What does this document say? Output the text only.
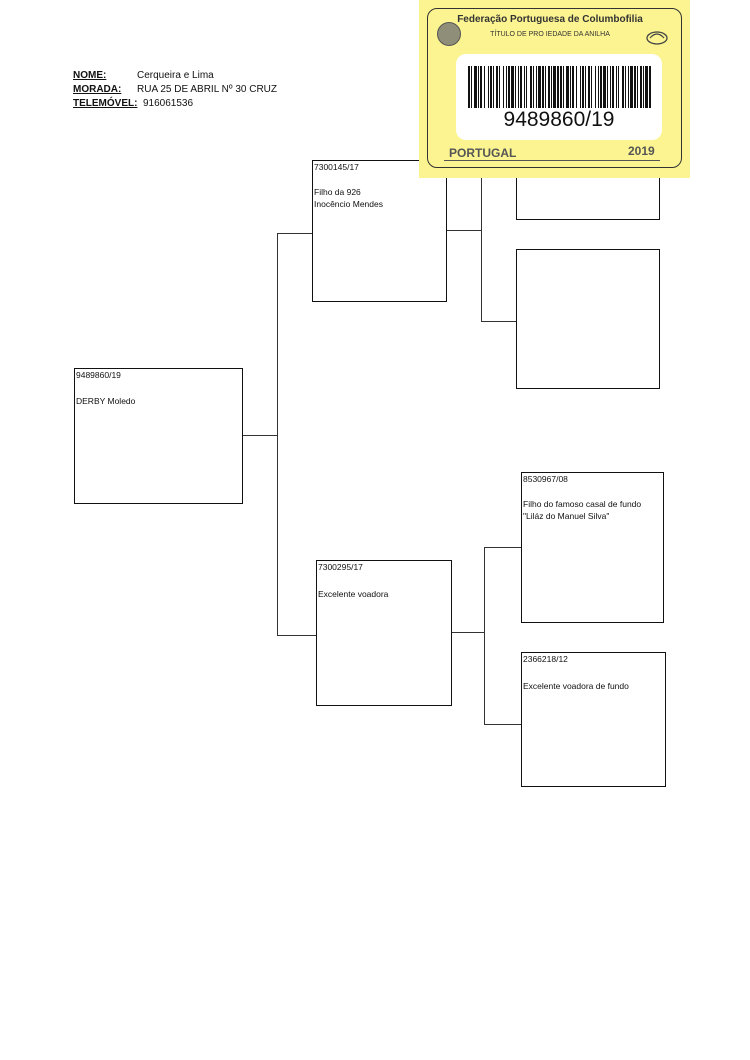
NOME:	Cerqueira e Lima
MORADA: RUA 25 DE ABRIL Nº 30 CRUZ
TELEMÓVEL: 916061536
9489860/19
DERBY Moledo
7300145/17
Filho da 926
Inocêncio Mendes
7300295/17
Excelente voadora
8530967/08
Filho do famoso casal de fundo
"Liláz do Manuel Silva"
2366218/12
Excelente voadora de fundo
Federação Portuguesa de Columbofilia
TÍTULO DE PRO IEDADE DA ANILHA
9489860/19
PORTUGAL	2019
